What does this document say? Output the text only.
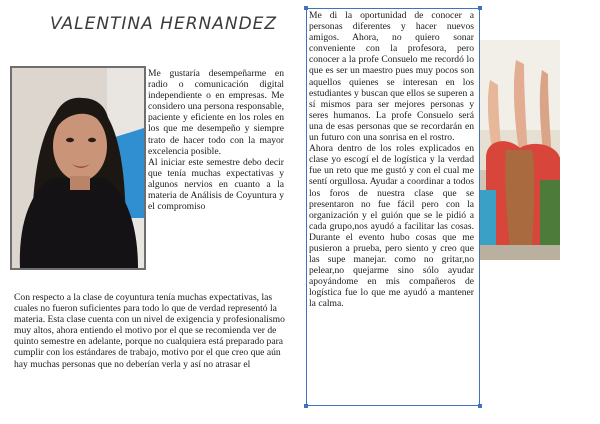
VALENTINA HERNANDEZ

Me gustaría desempeñarme en radio o comunicación digital independiente o en empresas. Me considero una persona responsable, paciente y eficiente en los roles en los que me desempeño y siempre trato de hacer todo con la mayor excelencia posible.

Al iniciar este semestre debo decir que tenía muchas expectativas y algunos nervios en cuanto a la materia de Análisis de Coyuntura y el compromiso

Con respecto a la clase de coyuntura tenía muchas expectativas, las cuales no fueron suficientes para todo lo que de verdad representó la materia. Esta clase cuenta con un nivel de exigencia y profesionalismo muy altos, ahora entiendo el motivo por el que se recomienda ver de quinto semestre en adelante, porque no cualquiera está preparado para cumplir con los estándares de trabajo, motivo por el que creo que aún hay muchas personas que no deberían verla y así no atrasar el

Me di la oportunidad de conocer a personas diferentes y hacer nuevos amigos. Ahora, no quiero sonar conveniente con la profesora, pero conocer a la profe Consuelo me recordó lo que es ser un maestro pues muy pocos son aquellos quienes se interesan en los estudiantes y buscan que ellos se superen a sí mismos para ser mejores personas y seres humanos. La profe Consuelo será una de esas personas que se recordarán en un futuro con una sonrisa en el rostro.

Ahora dentro de los roles explicados en clase yo escogí el de logística y la verdad fue un reto que me gustó y con el cual me sentí orgullosa. Ayudar a coordinar a todos los foros de nuestra clase que se presentaron no fue fácil pero con la organización y el guión que se le pidió a cada grupo,nos ayudó a facilitar las cosas. Durante el evento hubo cosas que me pusieron a prueba, pero siento y creo que las supe manejar. como no gritar,no pelear,no quejarme sino sólo ayudar apoyándome en mis compañeros de logística fue lo que me ayudó a mantener la calma.
